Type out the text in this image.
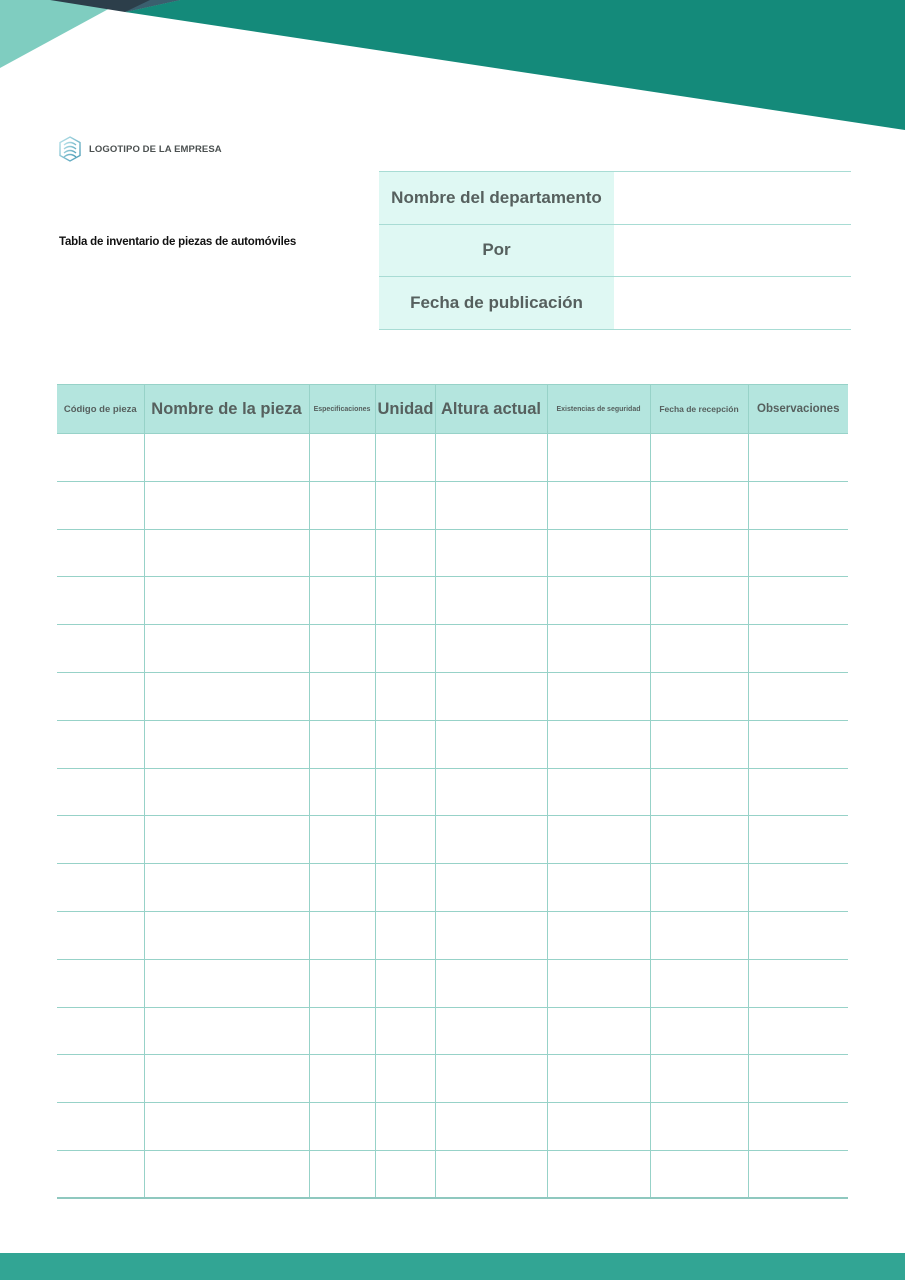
LOGOTIPO DE LA EMPRESA
Tabla de inventario de piezas de automóviles
Nombre del departamento	
Por	
Fecha de publicación	
Código de pieza	Nombre de la pieza	Especificaciones	Unidad	Altura actual	Existencias de seguridad	Fecha de recepción	Observaciones
